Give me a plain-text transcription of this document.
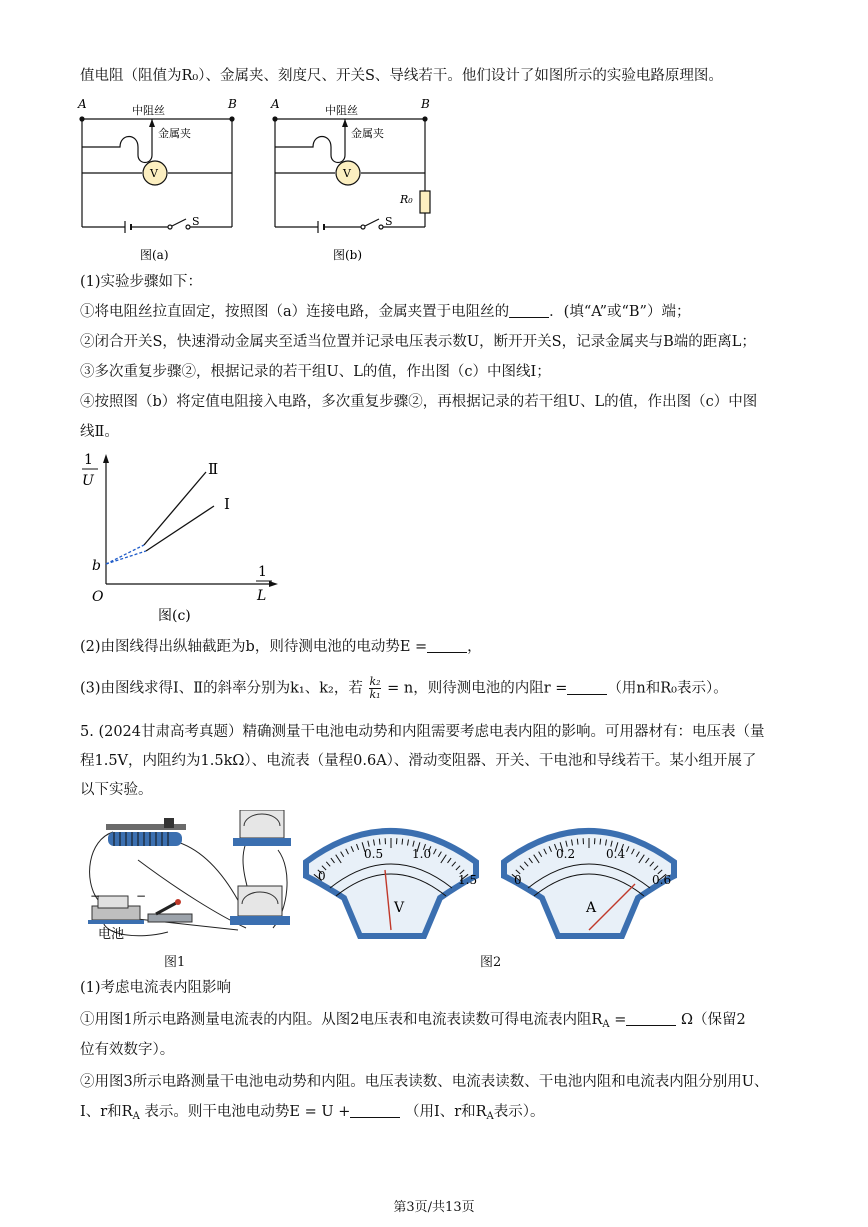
值电阻（阻值为R₀）、金属夹、刻度尺、开关S、导线若干。他们设计了如图所示的实验电路原理图。
A	B
中阻丝
金属夹
V
S
图(a)
A	B
中阻丝
金属夹
V
S
R₀
图(b)
(1)实验步骤如下：
①将电阻丝拉直固定，按照图（a）连接电路，金属夹置于电阻丝的	．(填“A”或“B”）端；
②闭合开关S，快速滑动金属夹至适当位置并记录电压表示数U，断开开关S，记录金属夹与B端的距离L；
③多次重复步骤②，根据记录的若干组U、L的值，作出图（c）中图线Ⅰ；
④按照图（b）将定值电阻接入电路，多次重复步骤②，再根据记录的若干组U、L的值，作出图（c）中图
线Ⅱ。
Ⅱ
Ⅰ
1
U
1
L
O
b
图(c)
(2)由图线得出纵轴截距为b，则待测电池的电动势E =	，
(3)由图线求得Ⅰ、Ⅱ的斜率分别为k₁、k₂，若 $\frac{\text{k₂}}{\text{k₁}} = n$，则待测电池的内阻r =	（用n和R₀表示）。
5. (2024甘肃高考真题）精确测量干电池电动势和内阻需要考虑电表内阻的影响。可用器材有：电压表（量
程1.5V，内阻约为1.5kΩ）、电流表（量程0.6A）、滑动变阻器、开关、干电池和导线若干。某小组开展了
以下实验。
−	−
电池
图1
0
0.5 1.0
1.5
V
0
0.2	0.4
0.6
A
图2
(1)考虑电流表内阻影响
①用图1所示电路测量电流表的内阻。从图2电压表和电流表读数可得电流表内阻$R_A$ =	Ω（保留2
位有效数字）。
②用图3所示电路测量干电池电动势和内阻。电压表读数、电流表读数、干电池内阻和电流表内阻分别用U、
I、r和$R_A$ 表示。则干电池电动势E = U +	（用I、r和$R_A$表示）。
第3页/共13页
